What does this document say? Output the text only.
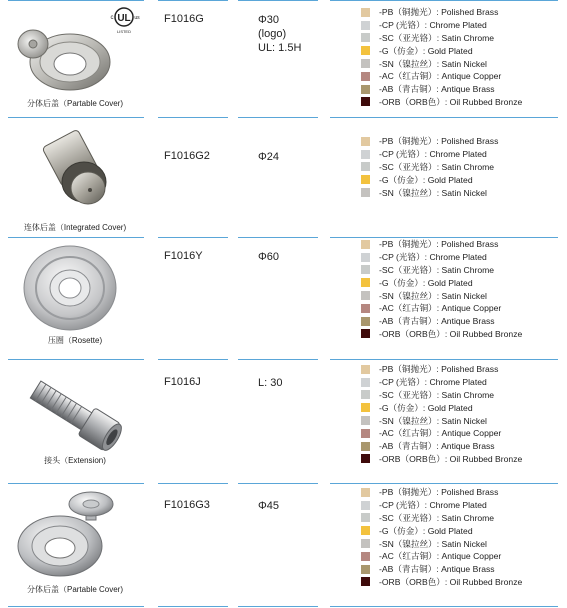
UL
c	us
LISTED
分体后盖（Partable Cover)
F1016G	Φ30
(logo)
UL: 1.5H
-PB（铜抛光）: Polished Brass
-CP (光铬）: Chrome Plated
-SC（亚光铬）: Satin Chrome
-G（仿金）: Gold Plated
-SN（镍拉丝）: Satin Nickel
-AC（红古铜）: Antique Copper
-AB（青古铜）: Antique Brass
-ORB（ORB色）: Oil Rubbed Bronze
连体后盖（Integrated Cover)
F1016G2	Φ24
-PB（铜抛光）: Polished Brass
-CP (光铬）: Chrome Plated
-SC（亚光铬）: Satin Chrome
-G（仿金）: Gold Plated
-SN（镍拉丝）: Satin Nickel
压圈（Rosette)
F1016Y	Φ60
-PB（铜抛光）: Polished Brass
-CP (光铬）: Chrome Plated
-SC（亚光铬）: Satin Chrome
-G（仿金）: Gold Plated
-SN（镍拉丝）: Satin Nickel
-AC（红古铜）: Antique Copper
-AB（青古铜）: Antique Brass
-ORB（ORB色）: Oil Rubbed Bronze
接头（Extension)
F1016J	L: 30
-PB（铜抛光）: Polished Brass
-CP (光铬）: Chrome Plated
-SC（亚光铬）: Satin Chrome
-G（仿金）: Gold Plated
-SN（镍拉丝）: Satin Nickel
-AC（红古铜）: Antique Copper
-AB（青古铜）: Antique Brass
-ORB（ORB色）: Oil Rubbed Bronze
分体后盖（Partable Cover)
F1016G3	Φ45
-PB（铜抛光）: Polished Brass
-CP (光铬）: Chrome Plated
-SC（亚光铬）: Satin Chrome
-G（仿金）: Gold Plated
-SN（镍拉丝）: Satin Nickel
-AC（红古铜）: Antique Copper
-AB（青古铜）: Antique Brass
-ORB（ORB色）: Oil Rubbed Bronze
